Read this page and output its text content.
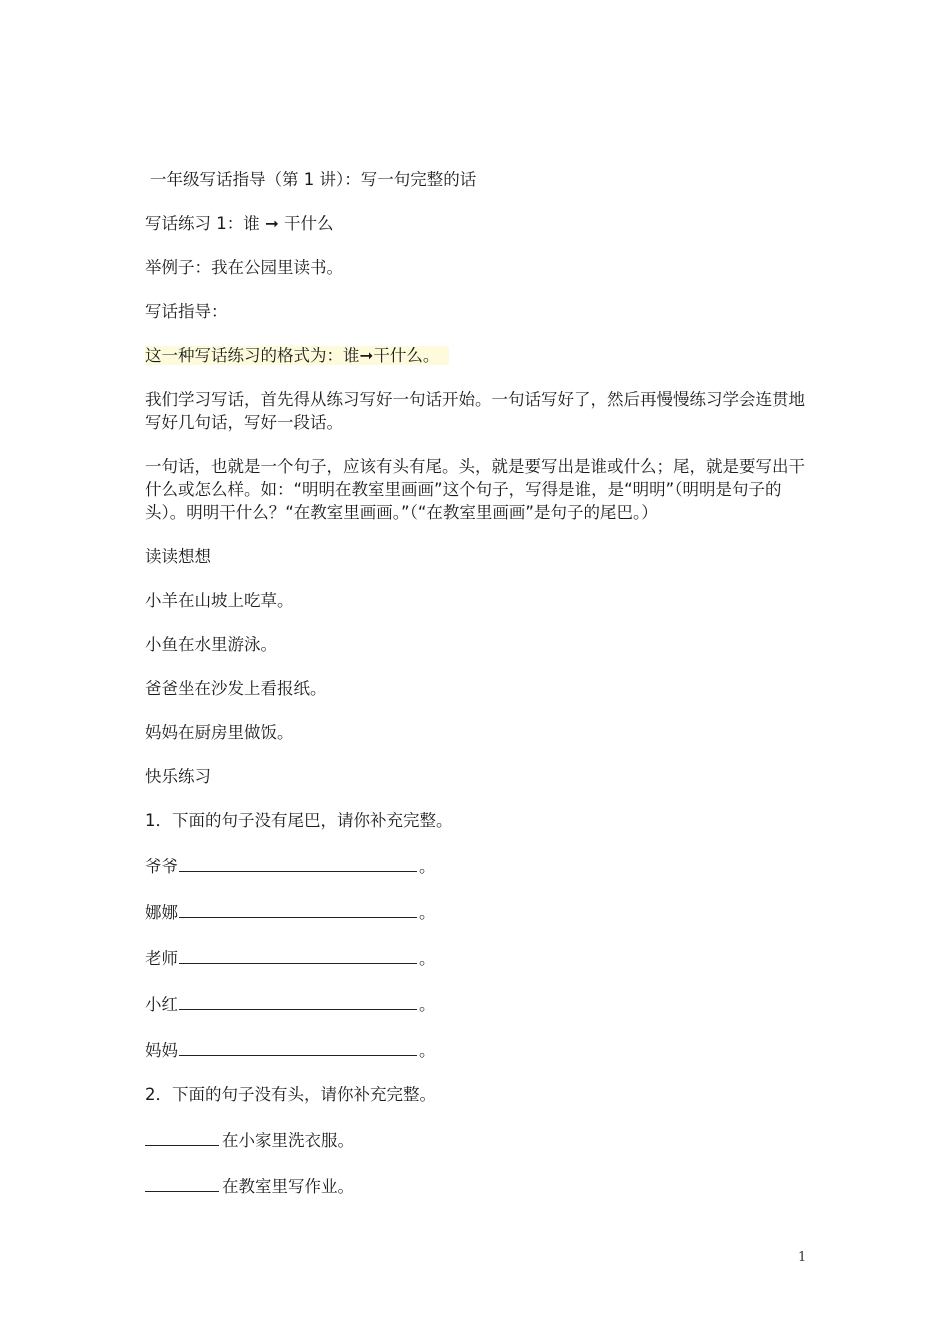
一年级写话指导（第 1 讲）：写一句完整的话

写话练习 1：谁 ➞ 干什么

举例子：我在公园里读书。

写话指导：

这一种写话练习的格式为：谁➞干什么。

我们学习写话，首先得从练习写好一句话开始。一句话写好了，然后再慢慢练习学会连贯地写好几句话，写好一段话。

一句话，也就是一个句子，应该有头有尾。头，就是要写出是谁或什么；尾，就是要写出干什么或怎么样。如：“明明在教室里画画”这个句子，写得是谁，是“明明”（明明是句子的头）。明明干什么？“在教室里画画。”（“在教室里画画”是句子的尾巴。）

读读想想

小羊在山坡上吃草。

小鱼在水里游泳。

爸爸坐在沙发上看报纸。

妈妈在厨房里做饭。

快乐练习

1．下面的句子没有尾巴，请你补充完整。

爷爷	。

娜娜	。

老师	。

小红	。

妈妈	。

2．下面的句子没有头，请你补充完整。

在小家里洗衣服。

在教室里写作业。

1
